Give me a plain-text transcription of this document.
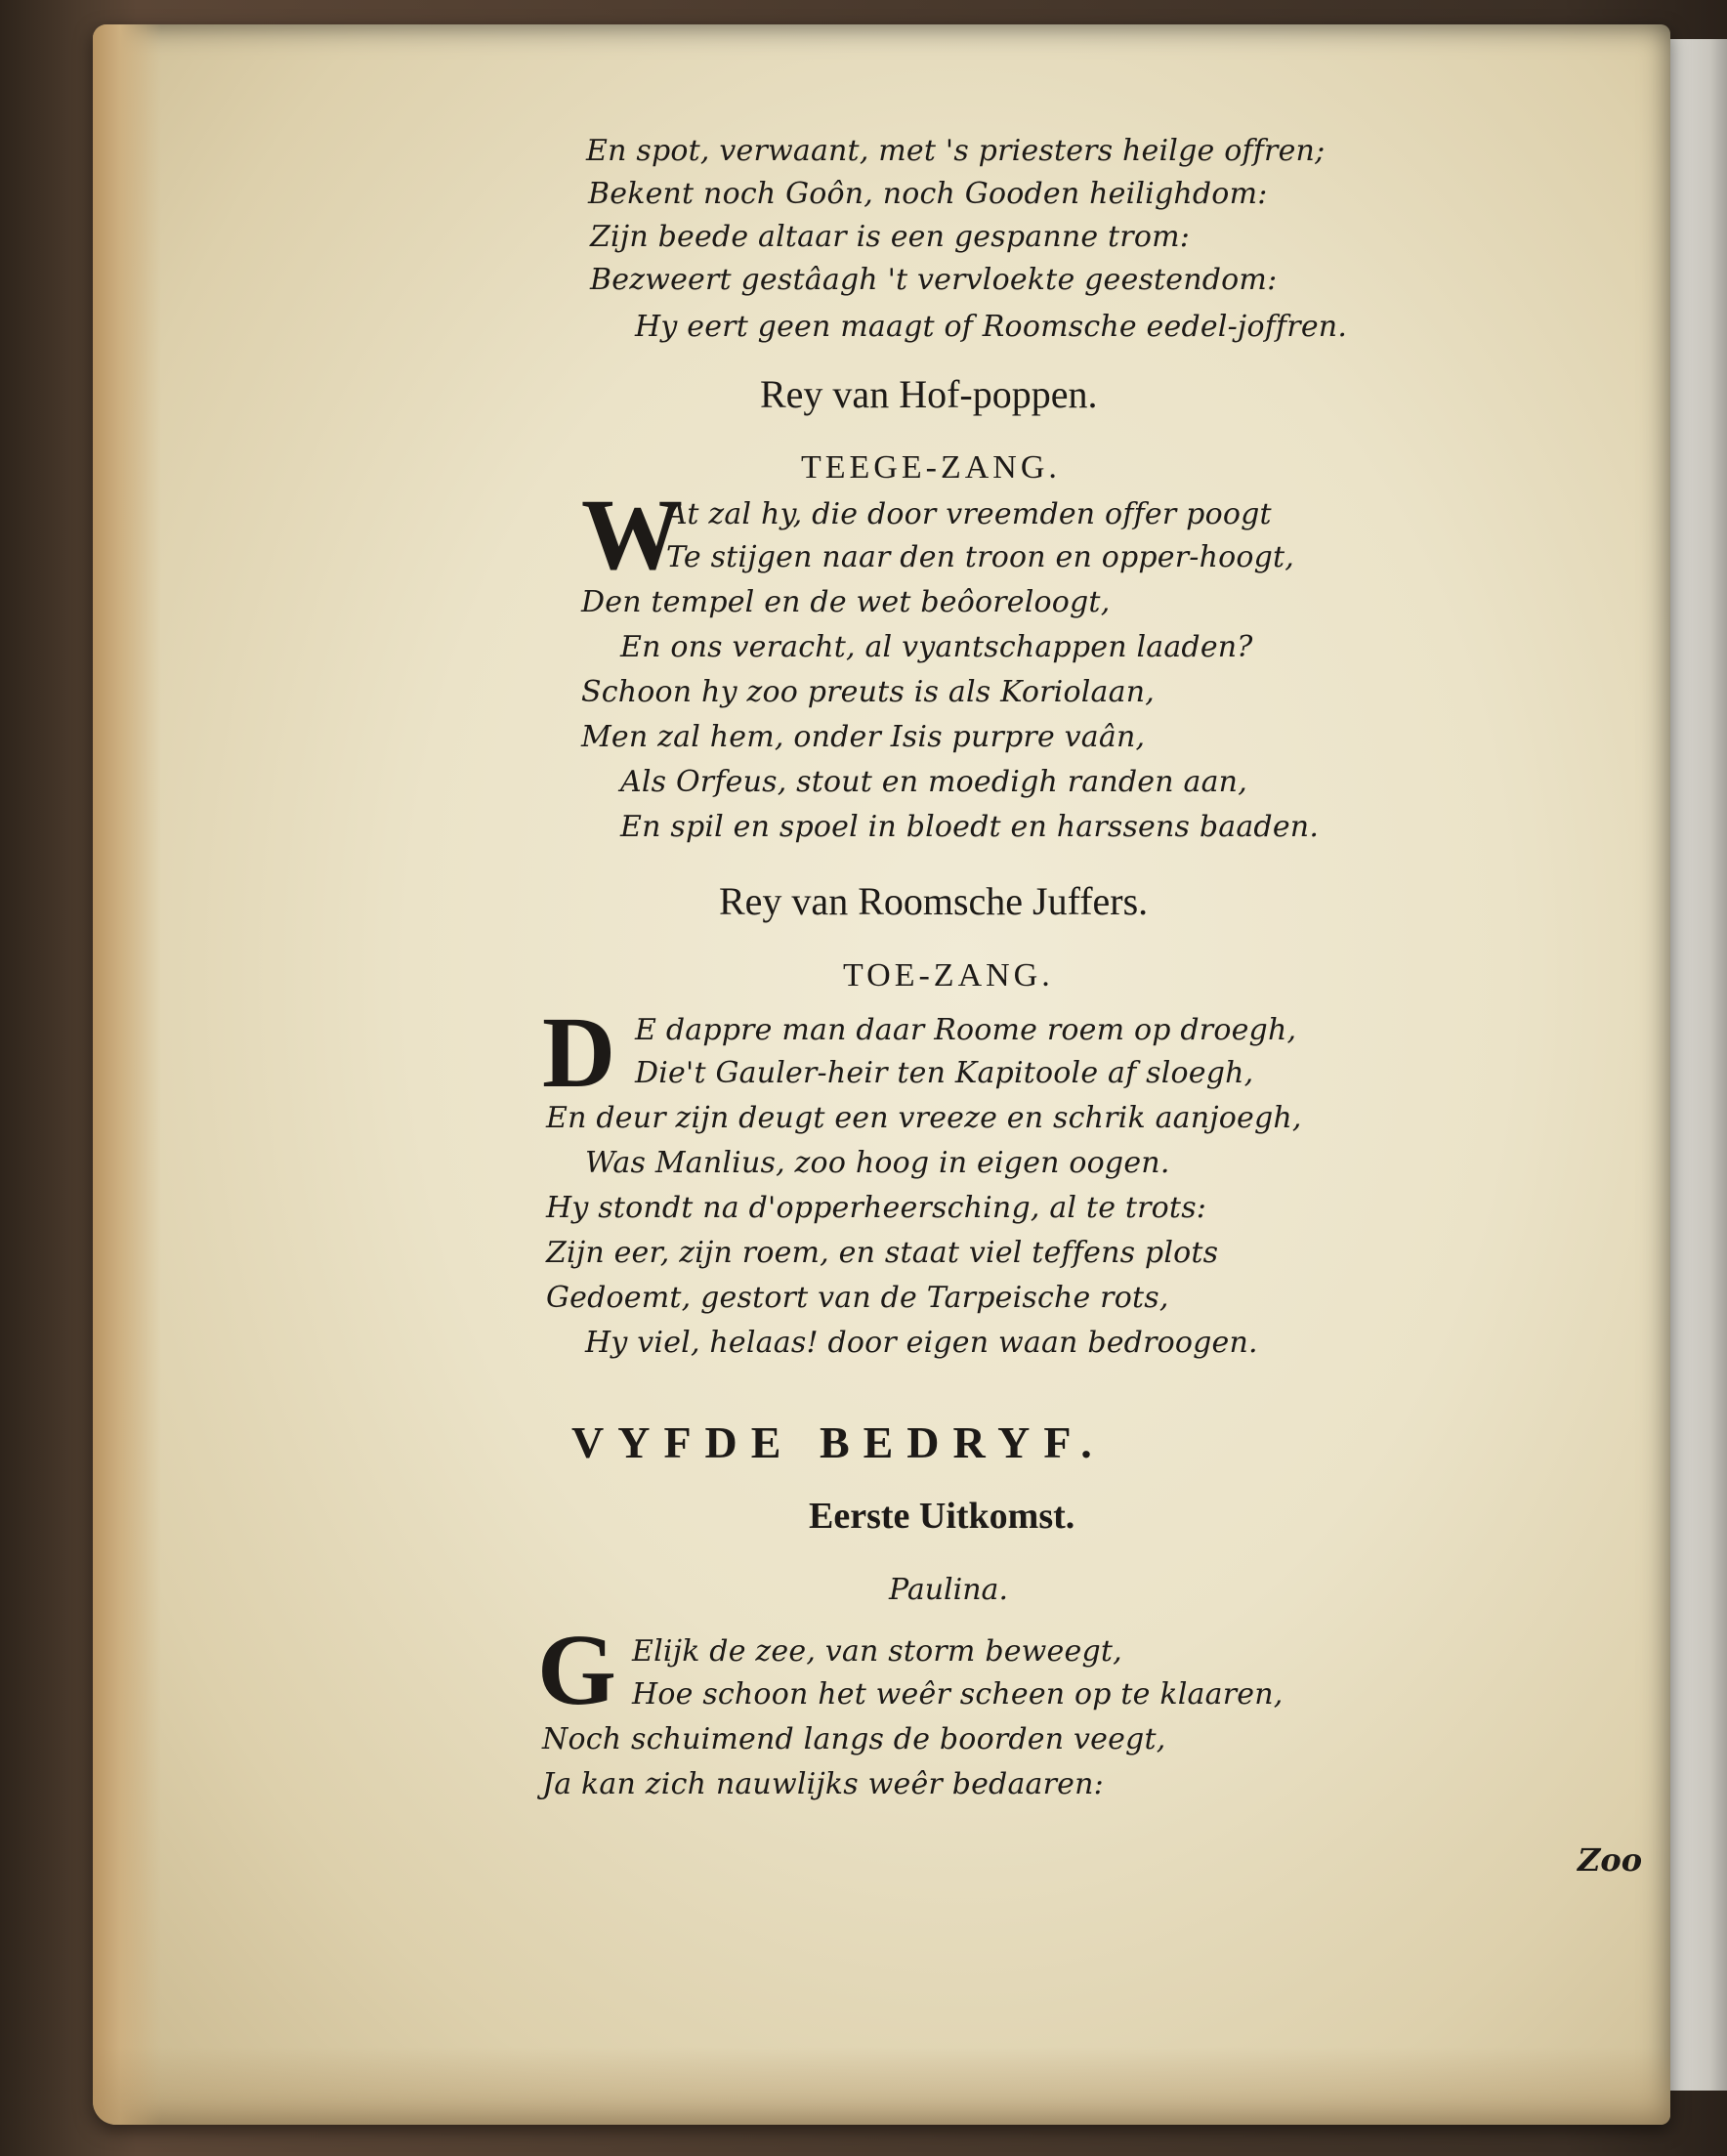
En spot, verwaant, met 's priesters heilge offren;
Bekent noch Goôn, noch Gooden heilighdom:
Zijn beede altaar is een gespanne trom:
Bezweert gestâagh 't vervloekte geestendom:
Hy eert geen maagt of Roomsche eedel-joffren.
Rey van Hof-poppen.
TEEGE-ZANG.
W
At zal hy, die door vreemden offer poogt
Te stijgen naar den troon en opper-hoogt,
Den tempel en de wet beôoreloogt,
En ons veracht, al vyantschappen laaden?
Schoon hy zoo preuts is als Koriolaan,
Men zal hem, onder Isis purpre vaân,
Als Orfeus, stout en moedigh randen aan,
En spil en spoel in bloedt en harssens baaden.
Rey van Roomsche Juffers.
TOE-ZANG.
D E dappre man daar Roome roem op droegh,
Die't Gauler-heir ten Kapitoole af sloegh,
En deur zijn deugt een vreeze en schrik aanjoegh,
Was Manlius, zoo hoog in eigen oogen.
Hy stondt na d'opperheersching, al te trots:
Zijn eer, zijn roem, en staat viel teffens plots
Gedoemt, gestort van de Tarpeische rots,
Hy viel, helaas! door eigen waan bedroogen.
VYFDE BEDRYF.
Eerste Uitkomst.
Paulina.
G Elijk de zee, van storm beweegt,
Hoe schoon het weêr scheen op te klaaren,
Noch schuimend langs de boorden veegt,
Ja kan zich nauwlijks weêr bedaaren:
Zoo
